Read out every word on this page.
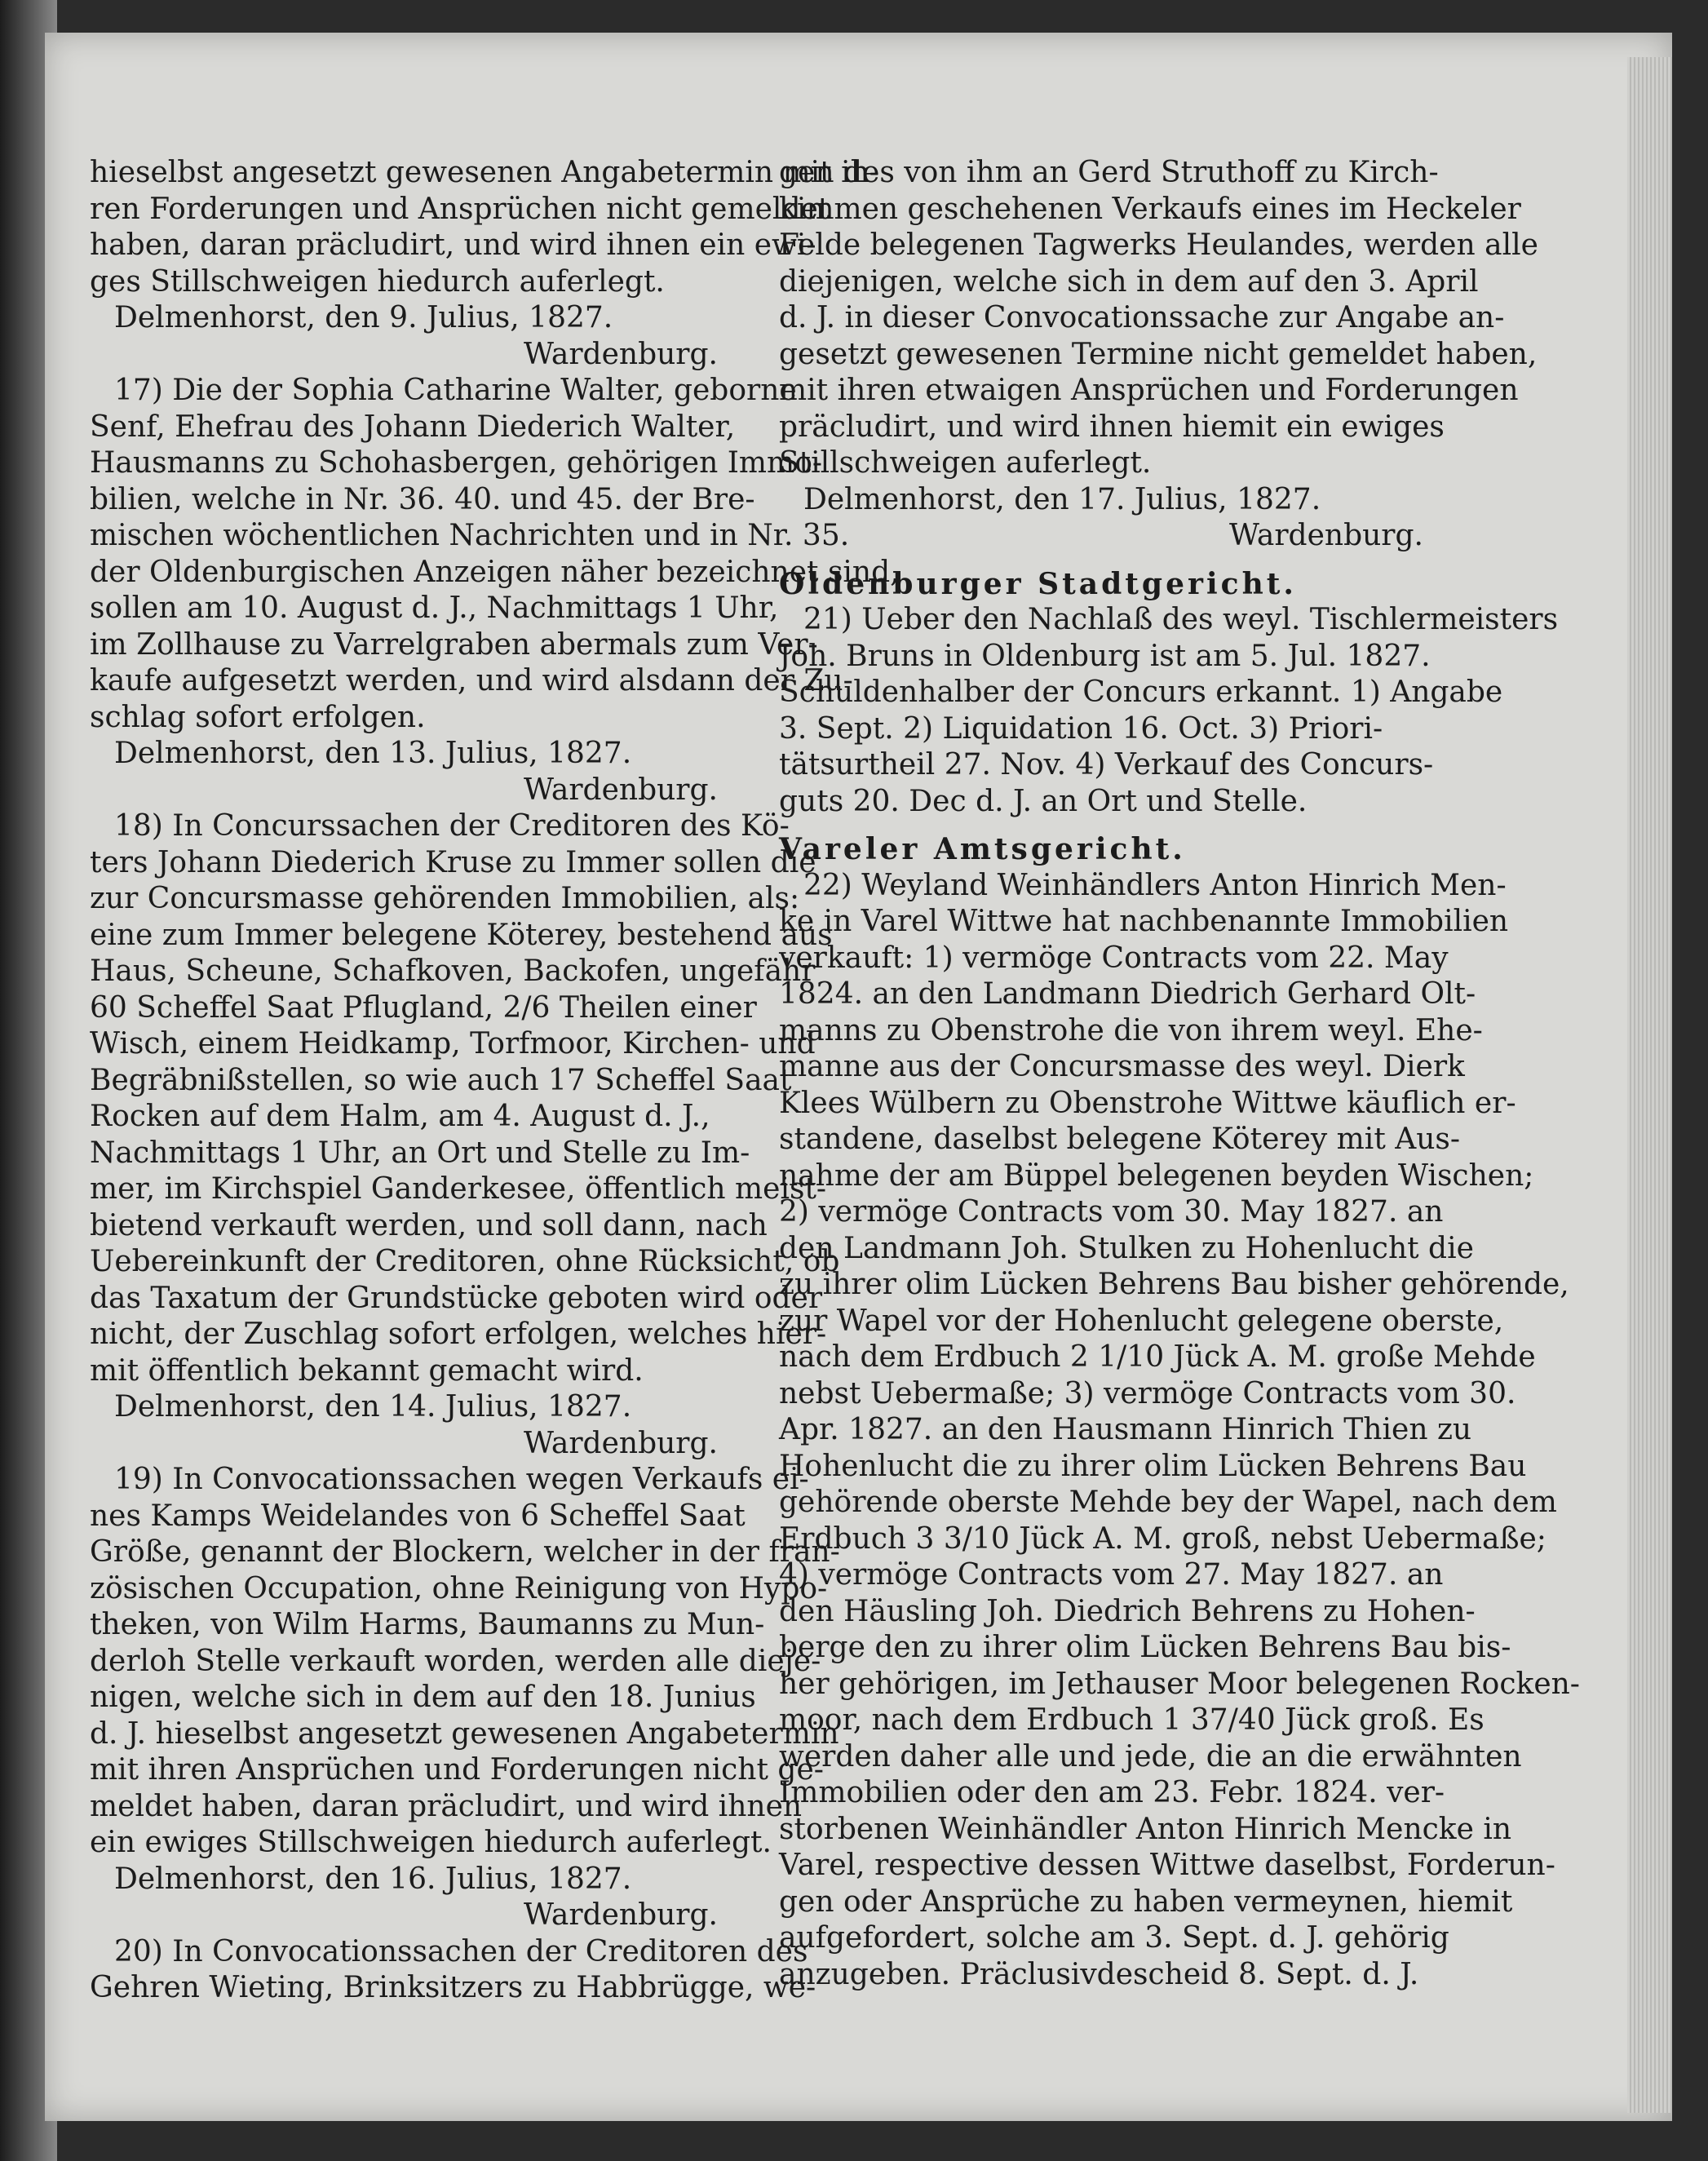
hieselbst angesetzt gewesenen Angabetermin mit ih-
ren Forderungen und Ansprüchen nicht gemeldet
haben, daran präcludirt, und wird ihnen ein ewi-
ges Stillschweigen hiedurch auferlegt.
Delmenhorst, den 9. Julius, 1827.
Wardenburg.
17) Die der Sophia Catharine Walter, geborne
Senf, Ehefrau des Johann Diederich Walter,
Hausmanns zu Schohasbergen, gehörigen Immo-
bilien, welche in Nr. 36. 40. und 45. der Bre-
mischen wöchentlichen Nachrichten und in Nr. 35.
der Oldenburgischen Anzeigen näher bezeichnet sind,
sollen am 10. August d. J., Nachmittags 1 Uhr,
im Zollhause zu Varrelgraben abermals zum Ver-
kaufe aufgesetzt werden, und wird alsdann der Zu-
schlag sofort erfolgen.
Delmenhorst, den 13. Julius, 1827.
Wardenburg.
18) In Concurssachen der Creditoren des Kö-
ters Johann Diederich Kruse zu Immer sollen die
zur Concursmasse gehörenden Immobilien, als:
eine zum Immer belegene Köterey, bestehend aus
Haus, Scheune, Schafkoven, Backofen, ungefähr
60 Scheffel Saat Pflugland, 2/6 Theilen einer
Wisch, einem Heidkamp, Torfmoor, Kirchen- und
Begräbnißstellen, so wie auch 17 Scheffel Saat
Rocken auf dem Halm, am 4. August d. J.,
Nachmittags 1 Uhr, an Ort und Stelle zu Im-
mer, im Kirchspiel Ganderkesee, öffentlich meist-
bietend verkauft werden, und soll dann, nach
Uebereinkunft der Creditoren, ohne Rücksicht, ob
das Taxatum der Grundstücke geboten wird oder
nicht, der Zuschlag sofort erfolgen, welches hier-
mit öffentlich bekannt gemacht wird.
Delmenhorst, den 14. Julius, 1827.
Wardenburg.
19) In Convocationssachen wegen Verkaufs ei-
nes Kamps Weidelandes von 6 Scheffel Saat
Größe, genannt der Blockern, welcher in der fran-
zösischen Occupation, ohne Reinigung von Hypo-
theken, von Wilm Harms, Baumanns zu Mun-
derloh Stelle verkauft worden, werden alle dieje-
nigen, welche sich in dem auf den 18. Junius
d. J. hieselbst angesetzt gewesenen Angabetermin
mit ihren Ansprüchen und Forderungen nicht ge-
meldet haben, daran präcludirt, und wird ihnen
ein ewiges Stillschweigen hiedurch auferlegt.
Delmenhorst, den 16. Julius, 1827.
Wardenburg.
20) In Convocationssachen der Creditoren des
Gehren Wieting, Brinksitzers zu Habbrügge, we-
gen des von ihm an Gerd Struthoff zu Kirch-
kimmen geschehenen Verkaufs eines im Heckeler
Felde belegenen Tagwerks Heulandes, werden alle
diejenigen, welche sich in dem auf den 3. April
d. J. in dieser Convocationssache zur Angabe an-
gesetzt gewesenen Termine nicht gemeldet haben,
mit ihren etwaigen Ansprüchen und Forderungen
präcludirt, und wird ihnen hiemit ein ewiges
Stillschweigen auferlegt.
Delmenhorst, den 17. Julius, 1827.
Wardenburg.
Oldenburger Stadtgericht.
21) Ueber den Nachlaß des weyl. Tischlermeisters
Joh. Bruns in Oldenburg ist am 5. Jul. 1827.
Schuldenhalber der Concurs erkannt. 1) Angabe
3. Sept. 2) Liquidation 16. Oct. 3) Priori-
tätsurtheil 27. Nov. 4) Verkauf des Concurs-
guts 20. Dec d. J. an Ort und Stelle.
Vareler Amtsgericht.
22) Weyland Weinhändlers Anton Hinrich Men-
ke in Varel Wittwe hat nachbenannte Immobilien
verkauft: 1) vermöge Contracts vom 22. May
1824. an den Landmann Diedrich Gerhard Olt-
manns zu Obenstrohe die von ihrem weyl. Ehe-
manne aus der Concursmasse des weyl. Dierk
Klees Wülbern zu Obenstrohe Wittwe käuflich er-
standene, daselbst belegene Köterey mit Aus-
nahme der am Büppel belegenen beyden Wischen;
2) vermöge Contracts vom 30. May 1827. an
den Landmann Joh. Stulken zu Hohenlucht die
zu ihrer olim Lücken Behrens Bau bisher gehörende,
zur Wapel vor der Hohenlucht gelegene oberste,
nach dem Erdbuch 2 1/10 Jück A. M. große Mehde
nebst Uebermaße; 3) vermöge Contracts vom 30.
Apr. 1827. an den Hausmann Hinrich Thien zu
Hohenlucht die zu ihrer olim Lücken Behrens Bau
gehörende oberste Mehde bey der Wapel, nach dem
Erdbuch 3 3/10 Jück A. M. groß, nebst Uebermaße;
4) vermöge Contracts vom 27. May 1827. an
den Häusling Joh. Diedrich Behrens zu Hohen-
berge den zu ihrer olim Lücken Behrens Bau bis-
her gehörigen, im Jethauser Moor belegenen Rocken-
moor, nach dem Erdbuch 1 37/40 Jück groß. Es
werden daher alle und jede, die an die erwähnten
Immobilien oder den am 23. Febr. 1824. ver-
storbenen Weinhändler Anton Hinrich Mencke in
Varel, respective dessen Wittwe daselbst, Forderun-
gen oder Ansprüche zu haben vermeynen, hiemit
aufgefordert, solche am 3. Sept. d. J. gehörig
anzugeben. Präclusivdescheid 8. Sept. d. J.
